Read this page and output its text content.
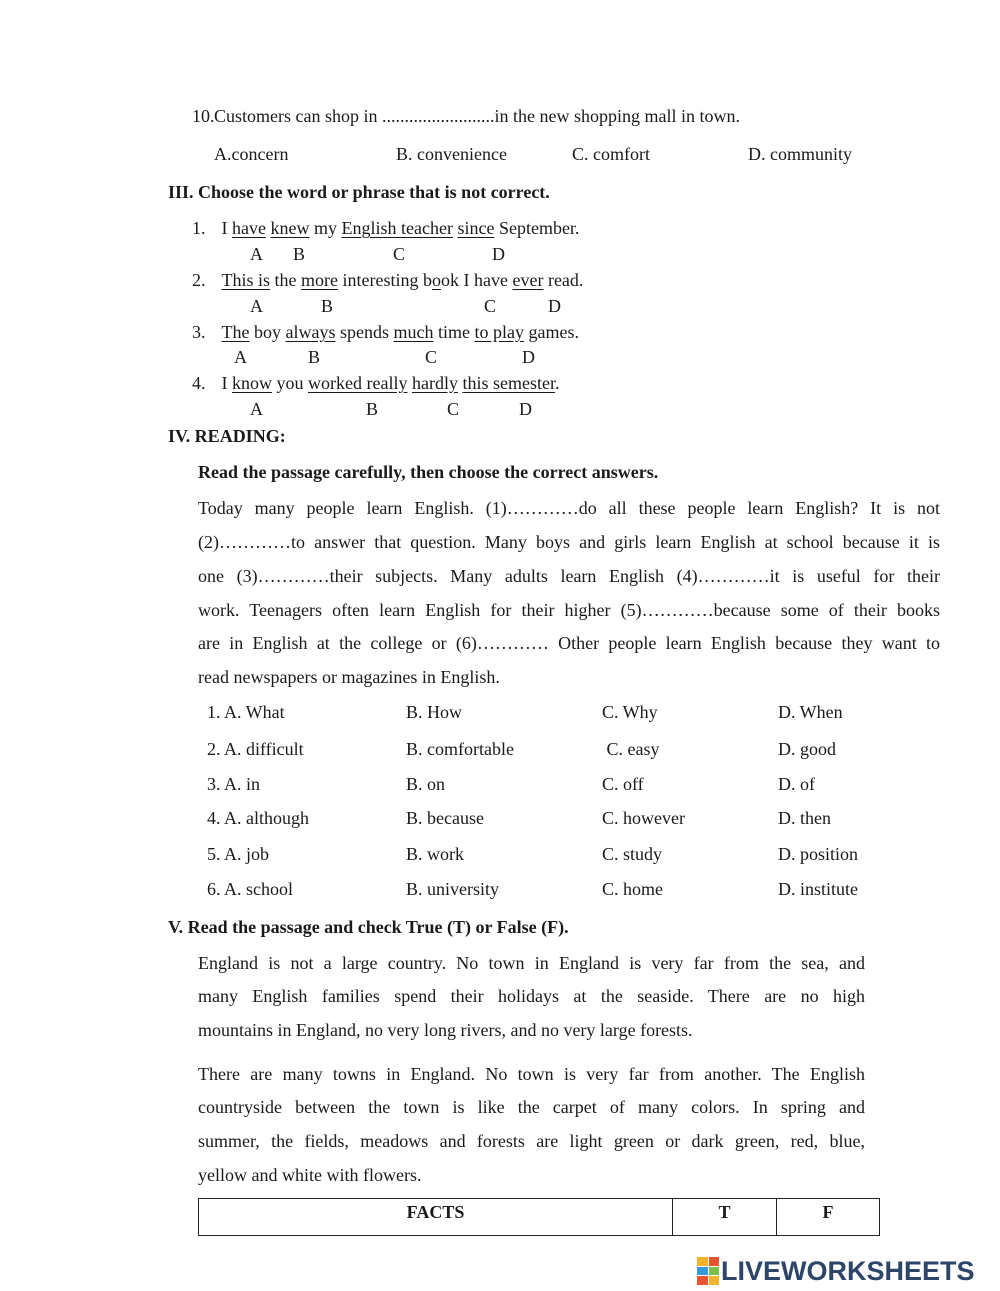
10. Customers can shop in .........................in the new shopping mall in town.
A.concern	B. convenience	C. comfort	D. community
III. Choose the word or phrase that is not correct.
1. I have knew my English teacher since September.
A B	C	D
2. This is the more interesting book I have ever read.
A	B	C	D
3. The boy always spends much time to play games.
A	B	C	D
4. I know you worked really hardly this semester.
A	B	C	D
IV. READING:
Read the passage carefully, then choose the correct answers.
Today many people learn English. (1)…………do all these people learn English? It is not
(2)…………to answer that question. Many boys and girls learn English at school because it is
one (3)…………their subjects. Many adults learn English (4)…………it is useful for their
work. Teenagers often learn English for their higher (5)…………because some of their books
are in English at the college or (6)………… Other people learn English because they want to
read newspapers or magazines in English.
1. A. What	B. How	C. Why	D. When
2. A. difficult	B. comfortable	C. easy	D. good
3. A. in	B. on	C. off	D. of
4. A. although	B. because	C. however	D. then
5. A. job	B. work	C. study	D. position
6. A. school	B. university	C. home	D. institute
V. Read the passage and check True (T) or False (F).
England is not a large country. No town in England is very far from the sea, and
many English families spend their holidays at the seaside. There are no high
mountains in England, no very long rivers, and no very large forests.
There are many towns in England. No town is very far from another. The English
countryside between the town is like the carpet of many colors. In spring and
summer, the fields, meadows and forests are light green or dark green, red, blue,
yellow and white with flowers.
FACTS	T	F
LIVEWORKSHEETS
